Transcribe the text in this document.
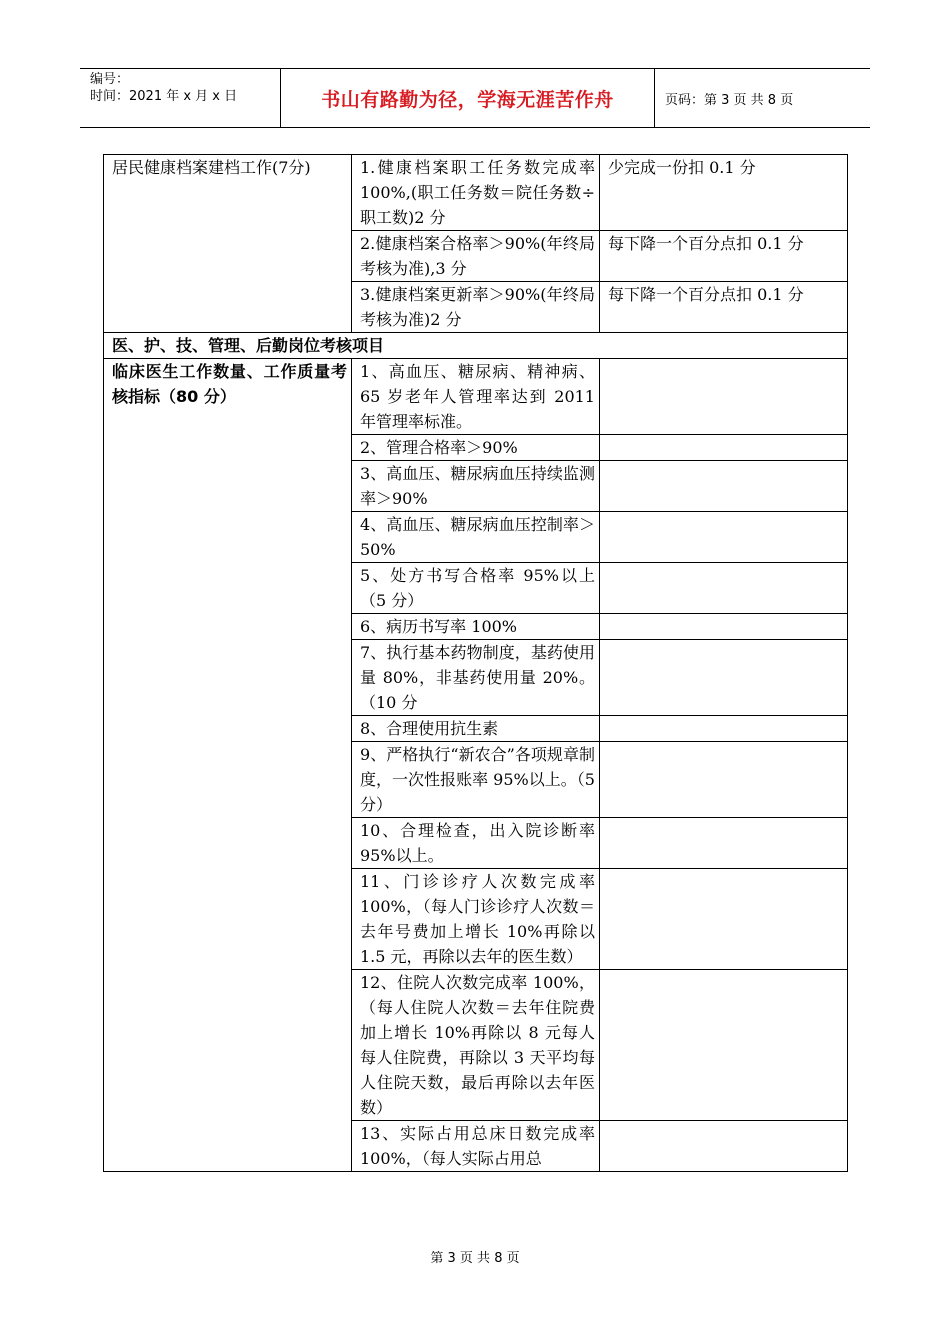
编号：
时间：2021 年 x 月 x 日	书山有路勤为径，学海无涯苦作舟	页码：第 3 页 共 8 页
居民健康档案建档工作(7分)	1.健康档案职工任务数完成率 100%,(职工任务数＝院任务数÷职工数)2 分	少完成一份扣 0.1 分
	2.健康档案合格率＞90%(年终局考核为准),3 分	每下降一个百分点扣 0.1 分
	3.健康档案更新率＞90%(年终局考核为准)2 分	每下降一个百分点扣 0.1 分
医、护、技、管理、后勤岗位考核项目		
临床医生工作数量、工作质量考核指标（80 分）	1、高血压、糖尿病、精神病、65 岁老年人管理率达到 2011 年管理率标准。	
	2、管理合格率＞90%	
	3、高血压、糖尿病血压持续监测率＞90%	
	4、高血压、糖尿病血压控制率＞50%	
	5、处方书写合格率 95%以上（5 分）	
	6、病历书写率 100%	
	7、执行基本药物制度，基药使用量 80%，非基药使用量 20%。（10 分	
	8、合理使用抗生素	
	9、严格执行“新农合”各项规章制度，一次性报账率 95%以上。（5 分）	
	10、合理检查，出入院诊断率 95%以上。	
	11、门诊诊疗人次数完成率 100%，（每人门诊诊疗人次数＝去年号费加上增长 10%再除以 1.5 元，再除以去年的医生数）	
	12、住院人次数完成率 100%，（每人住院人次数＝去年住院费加上增长 10%再除以 8 元每人每人住院费，再除以 3 天平均每人住院天数，最后再除以去年医数）	
	13、实际占用总床日数完成率 100%，（每人实际占用总	
第 3 页 共 8 页
